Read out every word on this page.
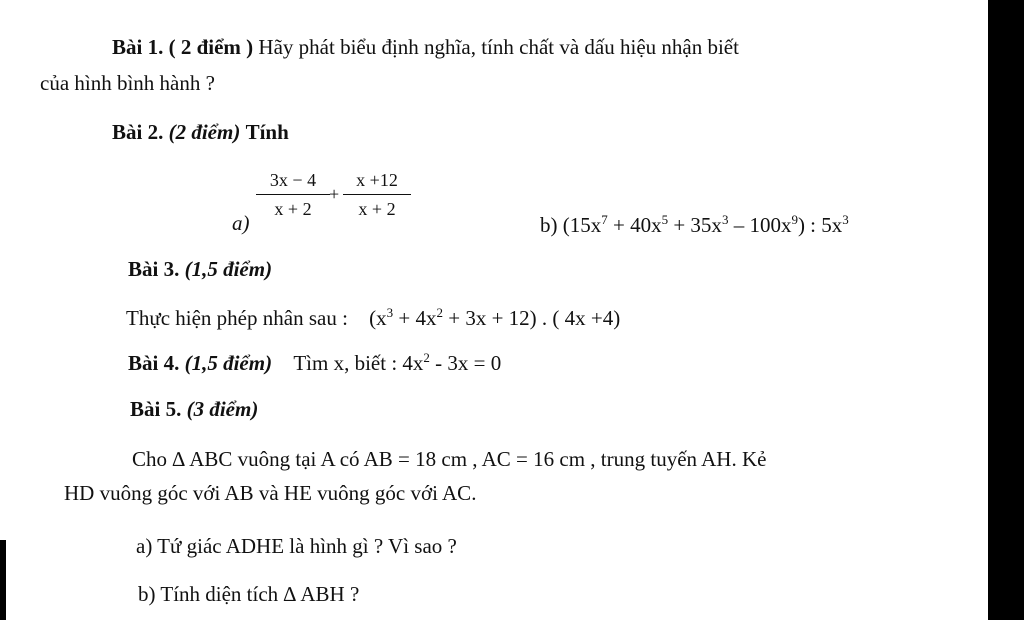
Bài 1. ( 2 điểm ) Hãy phát biểu định nghĩa, tính chất và dấu hiệu nhận biết
của hình bình hành ?
Bài 2. (2 điểm) Tính
a)
3x − 4
x + 2
+
x +12
x + 2
b) $(15x^7 + 40x^5 + 35x^3 - 100x^9)$ : $5x^3$
Bài 3. (1,5 điểm)
Thực hiện phép nhân sau : $(x^3 + 4x^2 + 3x + 12)$ . ( 4x +4)
Bài 4. (1,5 điểm) Tìm x, biết : $4x^2 - 3x = 0$
Bài 5. (3 điểm)
Cho ∆ ABC vuông tại A có AB = 18 cm , AC = 16 cm , trung tuyến AH. Kẻ
HD vuông góc với AB và HE vuông góc với AC.
a) Tứ giác ADHE là hình gì ? Vì sao ?
b) Tính diện tích ∆ ABH ?
